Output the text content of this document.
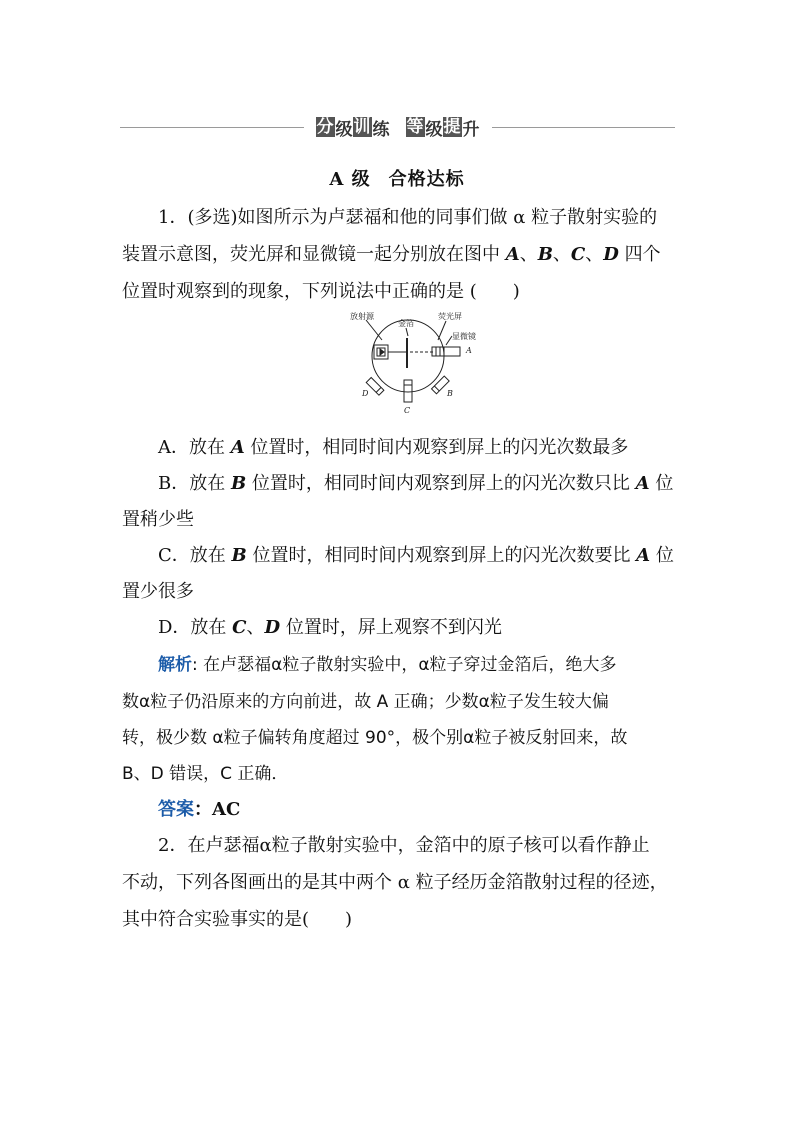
分 级 训 练 等 级 提 升
A 级 合格达标
1．(多选)如图所示为卢瑟福和他的同事们做 α 粒子散射实验的
装置示意图，荧光屏和显微镜一起分别放在图中 A、B、C、D 四个
位置时观察到的现象，下列说法中正确的是 (　　)
放射源
金箔
荧光屏
显微镜
A
B
C
D
A．放在 A 位置时，相同时间内观察到屏上的闪光次数最多
B．放在 B 位置时，相同时间内观察到屏上的闪光次数只比 A 位
置稍少些
C．放在 B 位置时，相同时间内观察到屏上的闪光次数要比 A 位
置少很多
D．放在 C、D 位置时，屏上观察不到闪光
解析: 在卢瑟福α粒子散射实验中，α粒子穿过金箔后，绝大多
数α粒子仍沿原来的方向前进，故 A 正确；少数α粒子发生较大偏
转，极少数 α粒子偏转角度超过 90°，极个别α粒子被反射回来，故
B、D 错误，C 正确．
答案：AC
2．在卢瑟福α粒子散射实验中，金箔中的原子核可以看作静止
不动，下列各图画出的是其中两个 α 粒子经历金箔散射过程的径迹，
其中符合实验事实的是(　　)
